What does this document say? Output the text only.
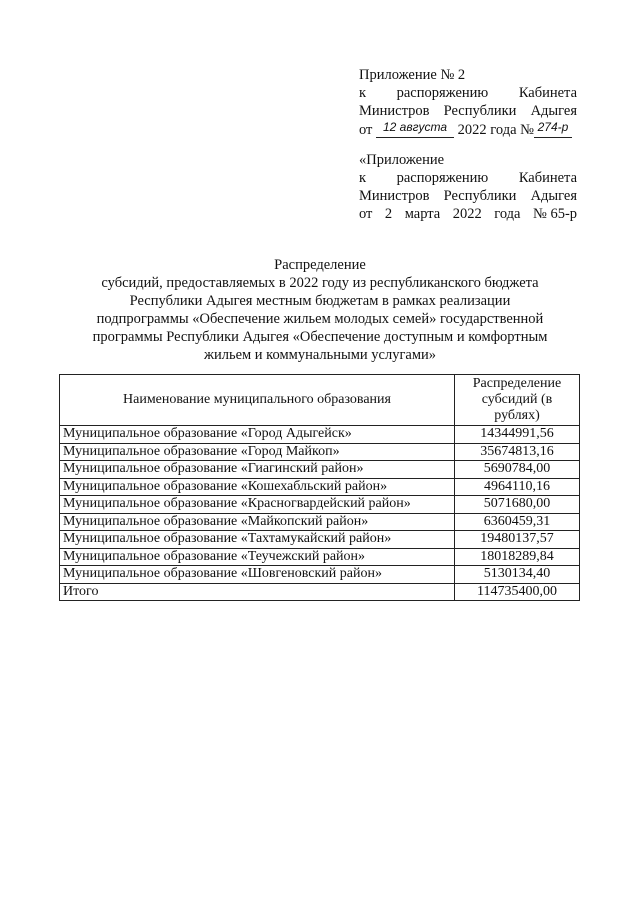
Приложение № 2
к распоряжению Кабинета
Министров Республики Адыгея
от
$^{12 августа}$
2022 года № $^{274-р}$
«Приложение
к распоряжению Кабинета
Министров Республики Адыгея
от 2 марта 2022 года № 65-р
Распределение
субсидий, предоставляемых в 2022 году из республиканского бюджета
Республики Адыгея местным бюджетам в рамках реализации
подпрограммы «Обеспечение жильем молодых семей» государственной
программы Республики Адыгея «Обеспечение доступным и комфортным
жильем и коммунальными услугами»
Наименование муниципального образования	Распределение
субсидий (в рублях)

Муниципальное образование «Город Адыгейск»	14344991,56
Муниципальное образование «Город Майкоп»	35674813,16
Муниципальное образование «Гиагинский район»	5690784,00
Муниципальное образование «Кошехабльский район»	4964110,16
Муниципальное образование «Красногвардейский район»	5071680,00
Муниципальное образование «Майкопский район»	6360459,31
Муниципальное образование «Тахтамукайский район»	19480137,57
Муниципальное образование «Теучежский район»	18018289,84
Муниципальное образование «Шовгеновский район»	5130134,40
Итого	114735400,00
